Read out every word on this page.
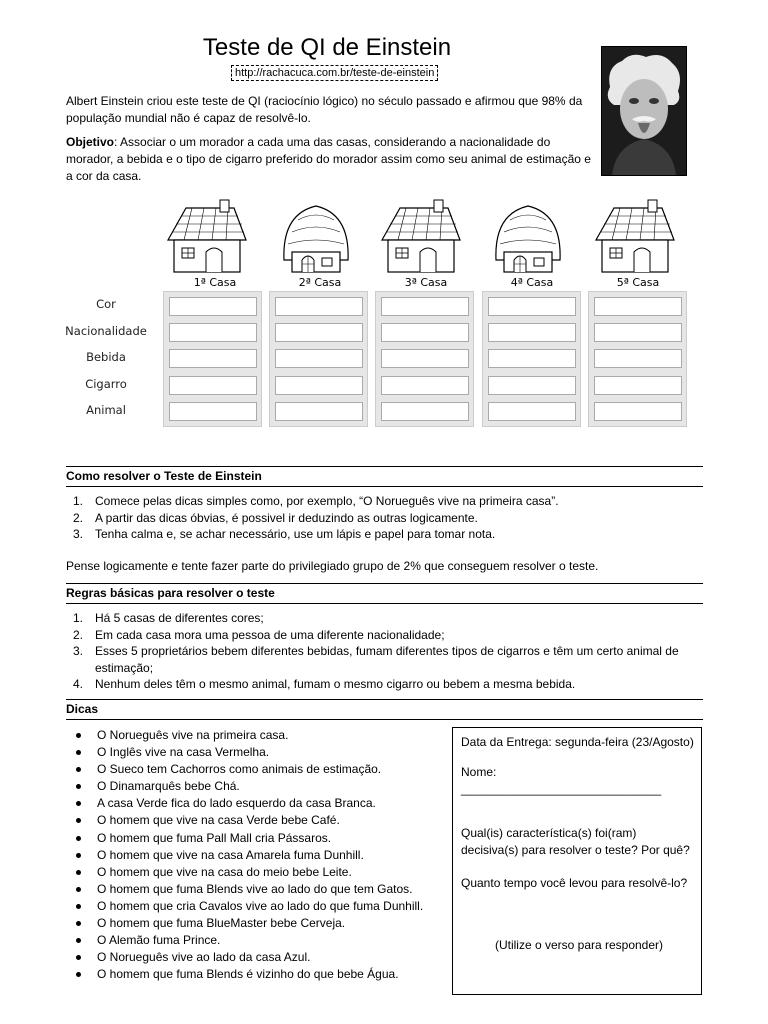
Teste de QI de Einstein
http://rachacuca.com.br/teste-de-einstein
Albert Einstein criou este teste de QI (raciocínio lógico) no século passado e afirmou que 98% da população mundial não é capaz de resolvê-lo.
Objetivo: Associar o um morador a cada uma das casas, considerando a nacionalidade do morador, a bebida e o tipo de cigarro preferido do morador assim como seu animal de estimação e a cor da casa.
1ª Casa	2ª Casa	3ª Casa	4ª Casa	5ª Casa
Cor
Nacionalidade
Bebida
Cigarro
Animal
Como resolver o Teste de Einstein
1. Comece pelas dicas simples como, por exemplo, “O Norueguês vive na primeira casa”.
2. A partir das dicas óbvias, é possivel ir deduzindo as outras logicamente.
3. Tenha calma e, se achar necessário, use um lápis e papel para tomar nota.
Pense logicamente e tente fazer parte do privilegiado grupo de 2% que conseguem resolver o teste.
Regras básicas para resolver o teste
1. Há 5 casas de diferentes cores;
2. Em cada casa mora uma pessoa de uma diferente nacionalidade;
3. Esses 5 proprietários bebem diferentes bebidas, fumam diferentes tipos de cigarros e têm um certo animal de estimação;
4. Nenhum deles têm o mesmo animal, fumam o mesmo cigarro ou bebem a mesma bebida.
Dicas
O Norueguês vive na primeira casa.
O Inglês vive na casa Vermelha.
O Sueco tem Cachorros como animais de estimação.
O Dinamarquês bebe Chá.
A casa Verde fica do lado esquerdo da casa Branca.
O homem que vive na casa Verde bebe Café.
O homem que fuma Pall Mall cria Pássaros.
O homem que vive na casa Amarela fuma Dunhill.
O homem que vive na casa do meio bebe Leite.
O homem que fuma Blends vive ao lado do que tem Gatos.
O homem que cria Cavalos vive ao lado do que fuma Dunhill.
O homem que fuma BlueMaster bebe Cerveja.
O Alemão fuma Prince.
O Norueguês vive ao lado da casa Azul.
O homem que fuma Blends é vizinho do que bebe Água.
Data da Entrega: segunda-feira (23/Agosto)
Nome: ______________________________
Qual(is) característica(s) foi(ram) decisiva(s) para resolver o teste? Por quê?
Quanto tempo você levou para resolvê-lo?
(Utilize o verso para responder)
